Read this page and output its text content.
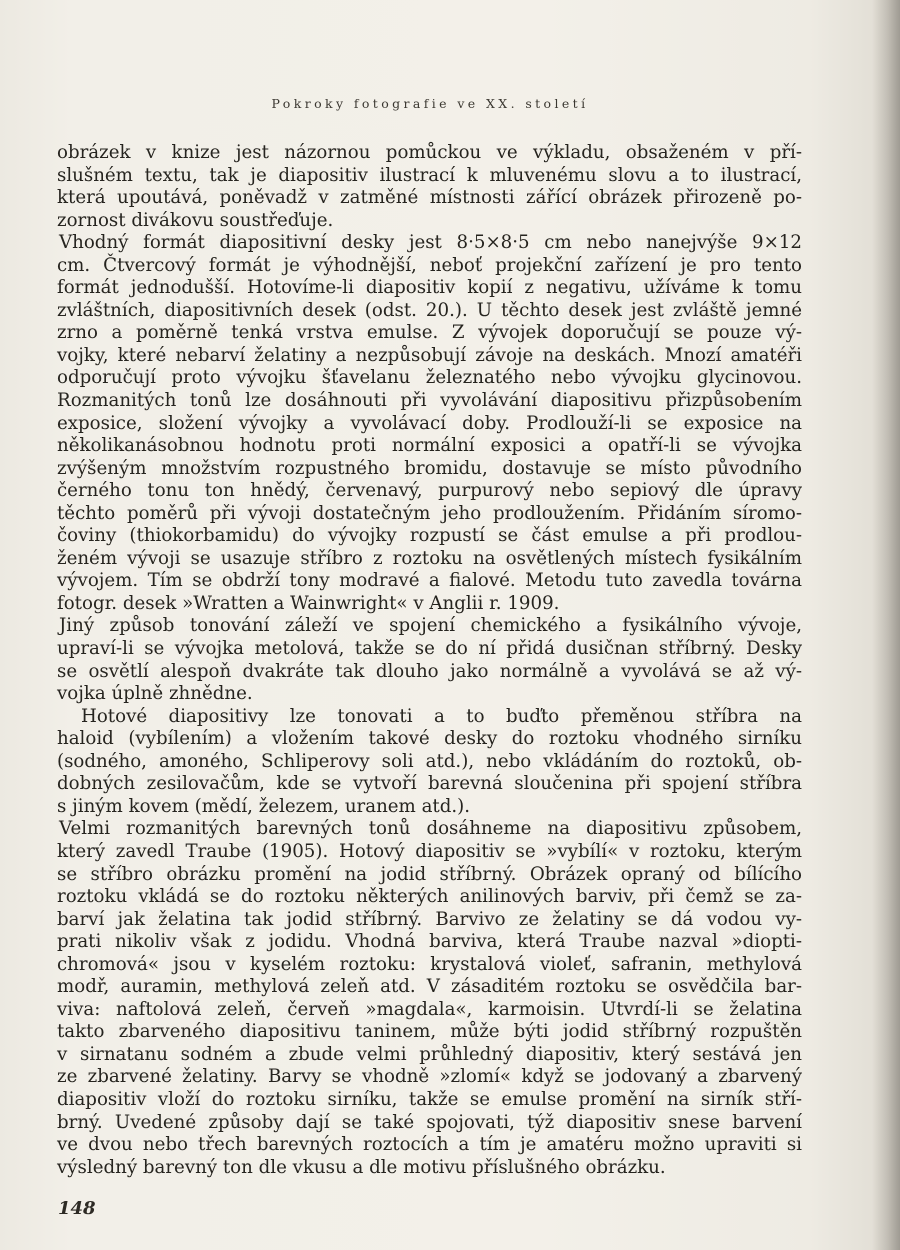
Pokroky fotografie ve XX. století

obrázek v knize jest názornou pomůckou ve výkladu, obsaženém v pří-
slušném textu, tak je diapositiv ilustrací k mluvenému slovu a to ilustrací,
která upoutává, poněvadž v zatměné místnosti zářící obrázek přirozeně po-
zornost divákovu soustřeďuje.

Vhodný formát diapositivní desky jest 8·5×8·5 cm nebo nanejvýše 9×12
cm. Čtvercový formát je výhodnější, neboť projekční zařízení je pro tento
formát jednodušší. Hotovíme-li diapositiv kopií z negativu, užíváme k tomu
zvláštních, diapositivních desek (odst. 20.). U těchto desek jest zvláště jemné
zrno a poměrně tenká vrstva emulse. Z vývojek doporučují se pouze vý-
vojky, které nebarví želatiny a nezpůsobují závoje na deskách. Mnozí amatéři
odporučují proto vývojku šťavelanu železnatého nebo vývojku glycinovou.
Rozmanitých tonů lze dosáhnouti při vyvolávání diapositivu přizpůsobením
exposice, složení vývojky a vyvolávací doby. Prodlouží-li se exposice na
několikanásobnou hodnotu proti normální exposici a opatří-li se vývojka
zvýšeným množstvím rozpustného bromidu, dostavuje se místo původního
černého tonu ton hnědý, červenavý, purpurový nebo sepiový dle úpravy
těchto poměrů při vývoji dostatečným jeho prodloužením. Přidáním síromo-
čoviny (thiokorbamidu) do vývojky rozpustí se část emulse a při prodlou-
ženém vývoji se usazuje stříbro z roztoku na osvětlených místech fysikálním
vývojem. Tím se obdrží tony modravé a fialové. Metodu tuto zavedla továrna
fotogr. desek »Wratten a Wainwright« v Anglii r. 1909.

Jiný způsob tonování záleží ve spojení chemického a fysikálního vývoje,
upraví-li se vývojka metolová, takže se do ní přidá dusičnan stříbrný. Desky
se osvětlí alespoň dvakráte tak dlouho jako normálně a vyvolává se až vý-
vojka úplně zhnědne.

Hotové diapositivy lze tonovati a to buďto přeměnou stříbra na
haloid (vybílením) a vložením takové desky do roztoku vhodného sirníku
(sodného, amoného, Schliperovy soli atd.), nebo vkládáním do roztoků, ob-
dobných zesilovačům, kde se vytvoří barevná sloučenina při spojení stříbra
s jiným kovem (mědí, železem, uranem atd.).

Velmi rozmanitých barevných tonů dosáhneme na diapositivu způsobem,
který zavedl Traube (1905). Hotový diapositiv se »vybílí« v roztoku, kterým
se stříbro obrázku promění na jodid stříbrný. Obrázek opraný od bílícího
roztoku vkládá se do roztoku některých anilinových barviv, při čemž se za-
barví jak želatina tak jodid stříbrný. Barvivo ze želatiny se dá vodou vy-
prati nikoliv však z jodidu. Vhodná barviva, která Traube nazval »diopti-
chromová« jsou v kyselém roztoku: krystalová violeť, safranin, methylová
modř, auramin, methylová zeleň atd. V zásaditém roztoku se osvědčila bar-
viva: naftolová zeleň, červeň »magdala«, karmoisin. Utvrdí-li se želatina
takto zbarveného diapositivu taninem, může býti jodid stříbrný rozpuštěn
v sirnatanu sodném a zbude velmi průhledný diapositiv, který sestává jen
ze zbarvené želatiny. Barvy se vhodně »zlomí« když se jodovaný a zbarvený
diapositiv vloží do roztoku sirníku, takže se emulse promění na sirník stří-
brný. Uvedené způsoby dají se také spojovati, týž diapositiv snese barvení
ve dvou nebo třech barevných roztocích a tím je amatéru možno upraviti si
výsledný barevný ton dle vkusu a dle motivu příslušného obrázku.

148
